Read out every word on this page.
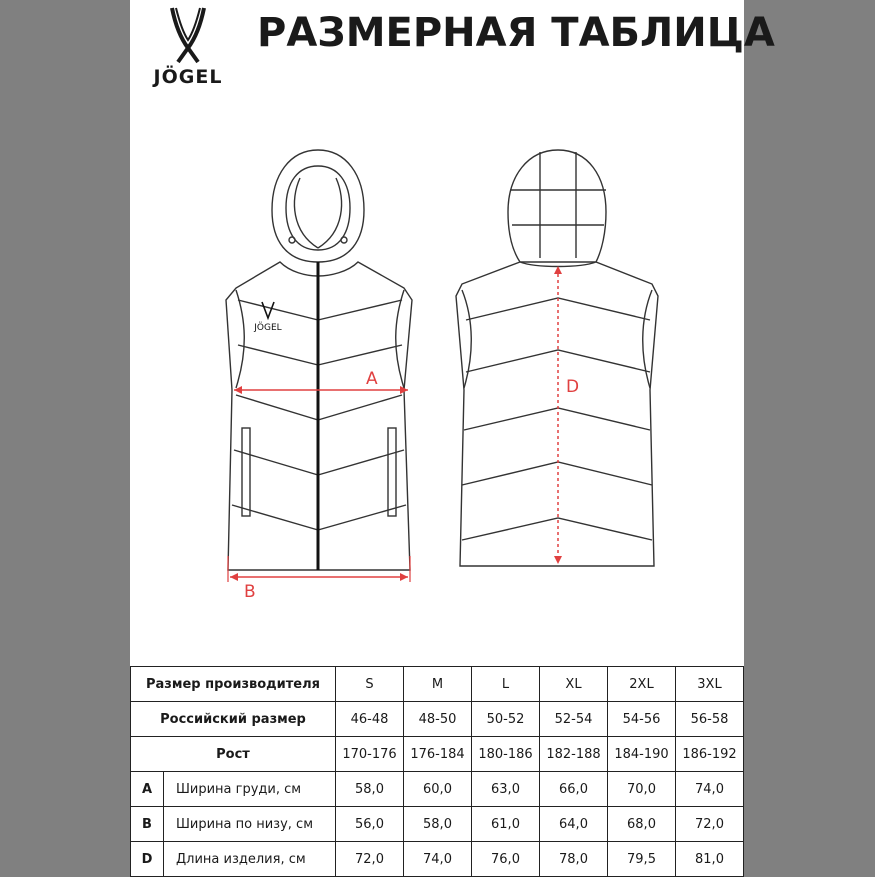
JÖGEL
РАЗМЕРНАЯ ТАБЛИЦА
JÖGEL
A
B
D
Размер производителя		S	M	L	XL	2XL	3XL
Российский размер		46-48	48-50	50-52	52-54	54-56	56-58
Рост		170-176	176-184	180-186	182-188	184-190	186-192
A	Ширина груди, см	58,0	60,0	63,0	66,0	70,0	74,0
B	Ширина по низу, см	56,0	58,0	61,0	64,0	68,0	72,0
D	Длина изделия, см	72,0	74,0	76,0	78,0	79,5	81,0
